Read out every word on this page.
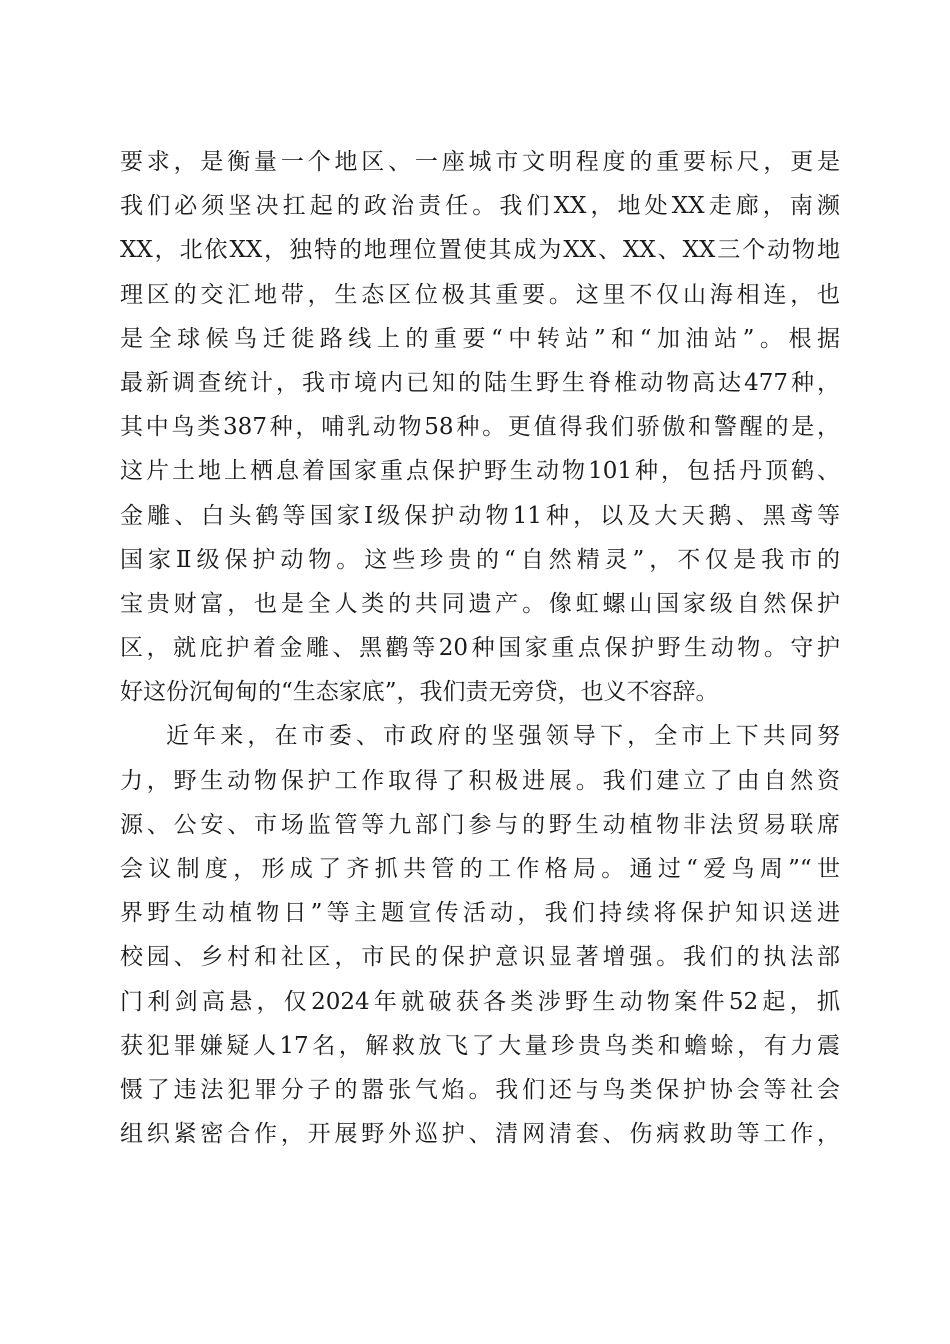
要求，是衡量一个地区、一座城市文明程度的重要标尺，更是
我们必须坚决扛起的政治责任。我们XX，地处XX走廊，南濒
XX，北依XX，独特的地理位置使其成为XX、XX、XX三个动物地
理区的交汇地带，生态区位极其重要。这里不仅山海相连，也
是全球候鸟迁徙路线上的重要“中转站”和“加油站”。根据
最新调查统计，我市境内已知的陆生野生脊椎动物高达477种，
其中鸟类387种，哺乳动物58种。更值得我们骄傲和警醒的是，
这片土地上栖息着国家重点保护野生动物101种，包括丹顶鹤、
金雕、白头鹤等国家Ⅰ级保护动物11种，以及大天鹅、黑鸢等
国家Ⅱ级保护动物。这些珍贵的“自然精灵”，不仅是我市的
宝贵财富，也是全人类的共同遗产。像虹螺山国家级自然保护
区，就庇护着金雕、黑鹳等20种国家重点保护野生动物。守护
好这份沉甸甸的“生态家底”，我们责无旁贷，也义不容辞。
近年来，在市委、市政府的坚强领导下，全市上下共同努
力，野生动物保护工作取得了积极进展。我们建立了由自然资
源、公安、市场监管等九部门参与的野生动植物非法贸易联席
会议制度，形成了齐抓共管的工作格局。通过“爱鸟周”“世
界野生动植物日”等主题宣传活动，我们持续将保护知识送进
校园、乡村和社区，市民的保护意识显著增强。我们的执法部
门利剑高悬，仅2024年就破获各类涉野生动物案件52起，抓
获犯罪嫌疑人17名，解救放飞了大量珍贵鸟类和蟾蜍，有力震
慑了违法犯罪分子的嚣张气焰。我们还与鸟类保护协会等社会
组织紧密合作，开展野外巡护、清网清套、伤病救助等工作，
